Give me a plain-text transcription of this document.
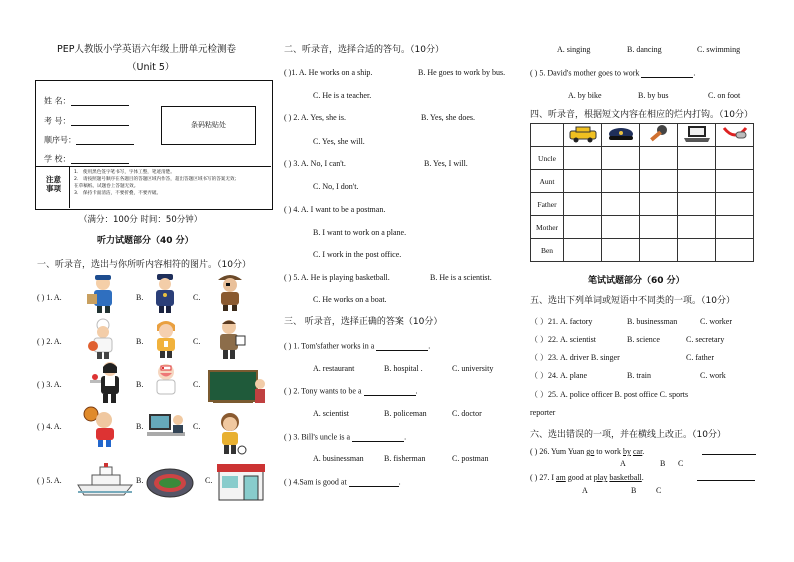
PEP人教版小学英语六年级上册单元检测卷
（Unit 5）
姓 名：
考 号：
顺序号：
学 校：
条码粘贴处
注意
事项
1． 使用黑色签字笔书写，字体工整，笔迹清楚。
2． 请按照题号顺序在各题目的答题区域内作答，超出答题区域书写的答案无效；
在草稿纸、试题卷上答题无效。
3． 保持卡面清洁，不要折叠，不要弄破。
（满分：100分 时间：50分钟）
听力试题部分（40 分）
一、听录音，选出与你所听内容相符的图片。（10分）
( ) 1. A.	B.	C.
( ) 2. A.	B.	C.
( ) 3. A.	B.	C.
( ) 4. A.	B.	C.
( ) 5. A.	B.	C.
二、听录音，选择合适的答句。（10分）
( )1. A. He works on a ship.	B. He goes to work by bus.
C. He is a teacher.
( ) 2. A. Yes, she is.	B. Yes, she does.
C. Yes, she will.
( ) 3. A. No, I can't.	B. Yes, I will.
C. No, I don't.
( ) 4. A. I want to be a postman.
B. I want to work on a plane.
C. I work in the post office.
( ) 5. A. He is playing basketball.	B. He is a scientist.
C. He works on a boat.
三、 听录音，选择正确的答案（10分）
( ) 1. Tom'sfather works in a	.
A. restaurant	B. hospital .	C. university
( ) 2. Tony wants to be a	.
A. scientist	B. policeman	C. doctor
( ) 3. Bill's uncle is a	.
A. businessman	B. fisherman	C. postman
( ) 4.Sam is good at	.
A. singing	B. dancing	C. swimming
( ) 5. David's mother goes to work	.
A. by bike	B. by bus	C. on foot
四、听录音，根据短文内容在相应的烂内打钩。（10分）

Uncle					
Aunt					
Father					
Mother					
Ben					
笔试试题部分（60 分）
五、选出下列单词或短语中不同类的一项。（10分）
（ ）21. A. factory	B. businessman	C. worker
（ ）22. A. scientist	B. science	C. secretary
（ ）23. A. driver B. singer	C. father
（ ）24. A. plane	B. train	C. work
（ ）25. A. police officer B. post office C. sports
reporter
六、选出错误的一项，并在横线上改正。（10分）
( ) 26. Yum Yuan go to work by car.
A	B C
( ) 27. I am good at play basketball.
A	B C
